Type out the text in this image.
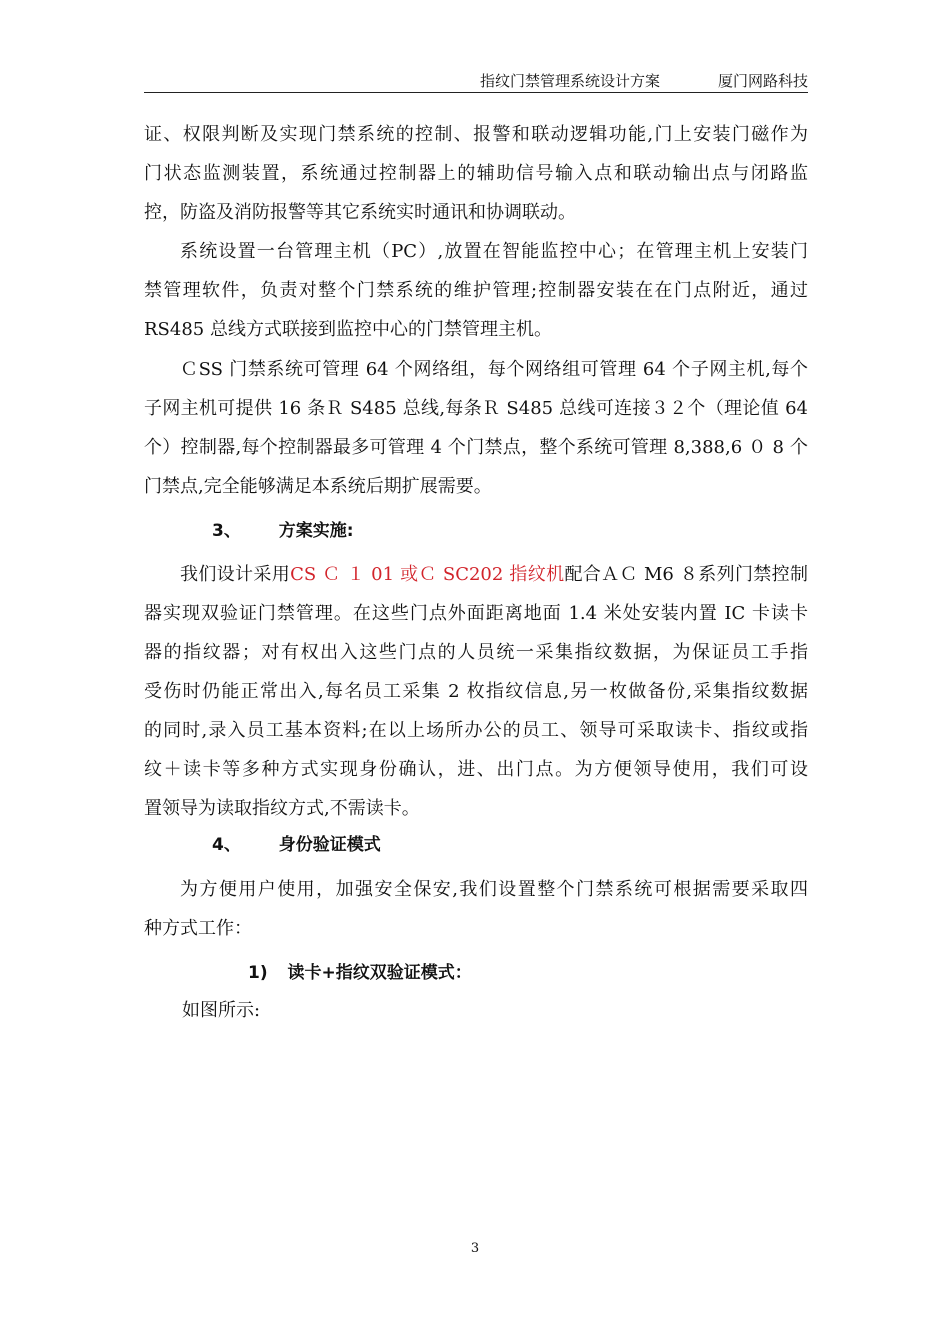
指纹门禁管理系统设计方案	厦门网路科技
证、权限判断及实现门禁系统的控制、报警和联动逻辑功能,门上安装门磁作为
门状态监测装置，系统通过控制器上的辅助信号输入点和联动输出点与闭路监
控，防盗及消防报警等其它系统实时通讯和协调联动。
系统设置一台管理主机（PC）,放置在智能监控中心；在管理主机上安装门
禁管理软件，负责对整个门禁系统的维护管理;控制器安装在在门点附近，通过
RS485 总线方式联接到监控中心的门禁管理主机。
ＣSS 门禁系统可管理 64 个网络组，每个网络组可管理 64 个子网主机,每个
子网主机可提供 16 条Ｒ S485 总线,每条Ｒ S485 总线可连接３２个（理论值 64
个）控制器,每个控制器最多可管理 4 个门禁点，整个系统可管理 8,388,6 ０ 8 个
门禁点,完全能够满足本系统后期扩展需要。
3、 方案实施:
我们设计采用CS Ｃ １ 01 或Ｃ SC202 指纹机配合ＡＣ M6 ８系列门禁控制
器实现双验证门禁管理。在这些门点外面距离地面 1.4 米处安装内置 IC 卡读卡
器的指纹器；对有权出入这些门点的人员统一采集指纹数据，为保证员工手指
受伤时仍能正常出入,每名员工采集 2 枚指纹信息,另一枚做备份,采集指纹数据
的同时,录入员工基本资料;在以上场所办公的员工、领导可采取读卡、指纹或指
纹＋读卡等多种方式实现身份确认，进、出门点。为方便领导使用，我们可设
置领导为读取指纹方式,不需读卡。
4、 身份验证模式
为方便用户使用，加强安全保安,我们设置整个门禁系统可根据需要采取四
种方式工作：
1) 读卡+指纹双验证模式：
如图所示:
3
